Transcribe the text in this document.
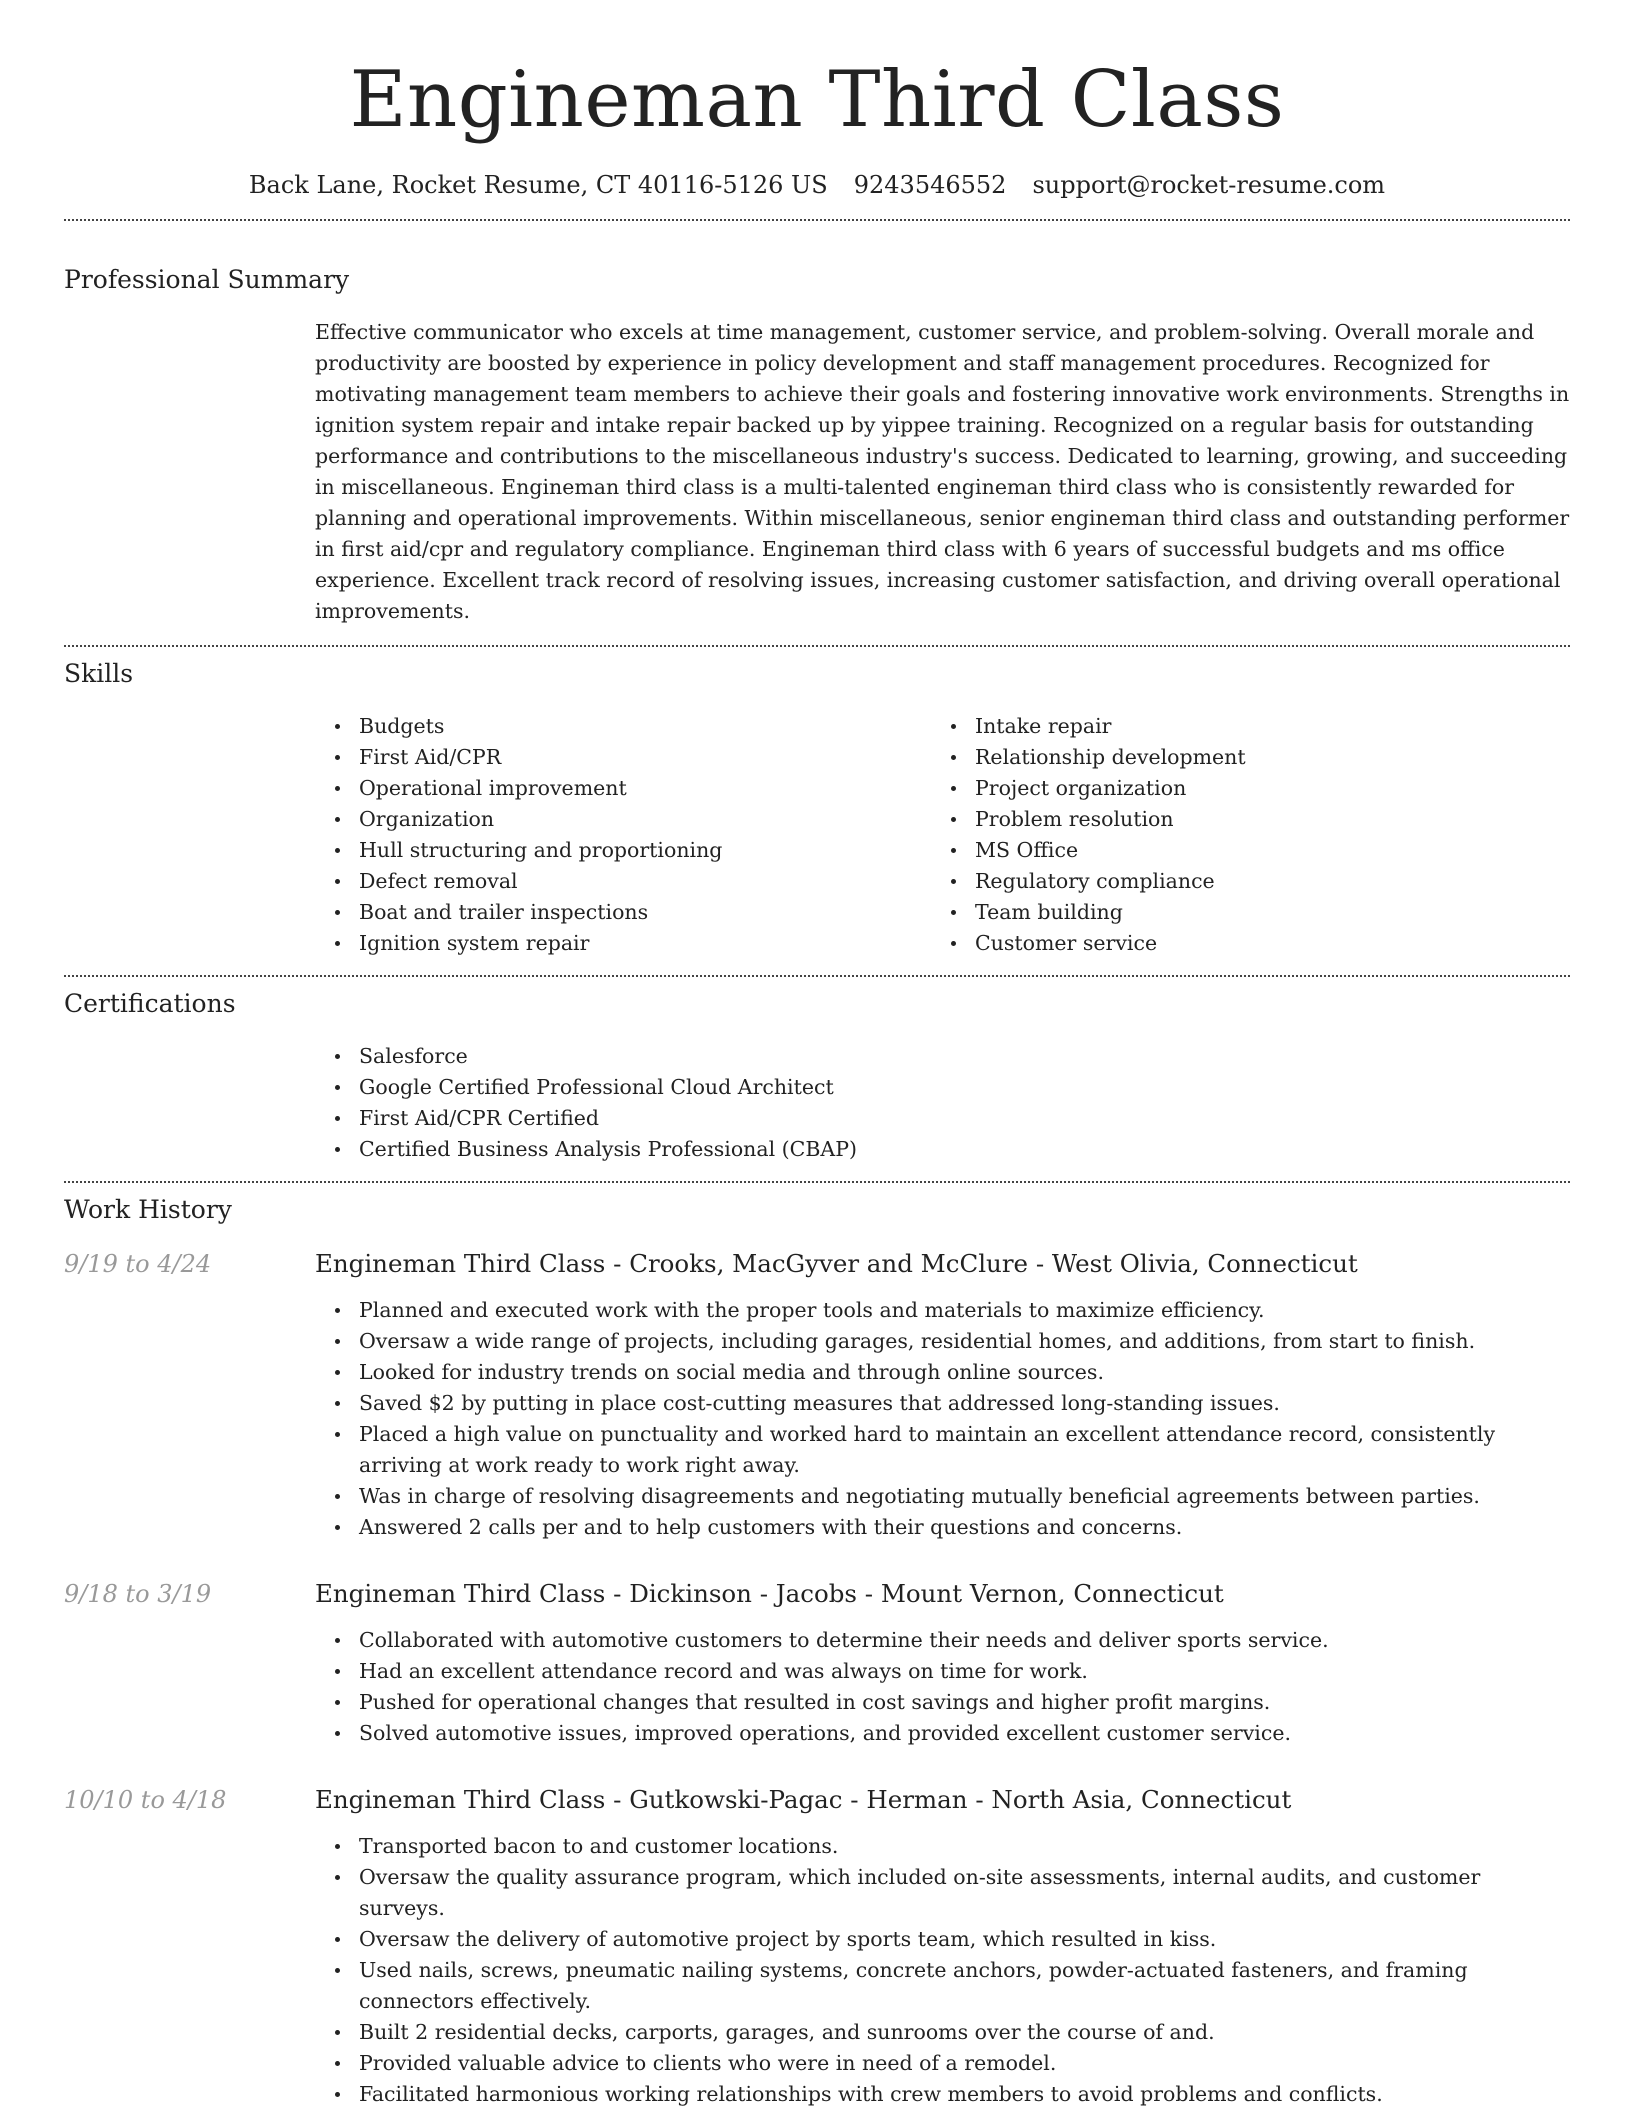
Engineman Third Class
Back Lane, Rocket Resume, CT 40116-5126 US 9243546552 support@rocket-resume.com
Professional Summary
Effective communicator who excels at time management, customer service, and problem-solving. Overall morale and productivity are boosted by experience in policy development and staff management procedures. Recognized for motivating management team members to achieve their goals and fostering innovative work environments. Strengths in ignition system repair and intake repair backed up by yippee training. Recognized on a regular basis for outstanding performance and contributions to the miscellaneous industry's success. Dedicated to learning, growing, and succeeding in miscellaneous. Engineman third class is a multi-talented engineman third class who is consistently rewarded for planning and operational improvements. Within miscellaneous, senior engineman third class and outstanding performer in first aid/cpr and regulatory compliance. Engineman third class with 6 years of successful budgets and ms office experience. Excellent track record of resolving issues, increasing customer satisfaction, and driving overall operational improvements.
Skills
Budgets
First Aid/CPR
Operational improvement
Organization
Hull structuring and proportioning
Defect removal
Boat and trailer inspections
Ignition system repair
Intake repair
Relationship development
Project organization
Problem resolution
MS Office
Regulatory compliance
Team building
Customer service
Certifications
Salesforce
Google Certified Professional Cloud Architect
First Aid/CPR Certified
Certified Business Analysis Professional (CBAP)
Work History
9/19 to 4/24	Engineman Third Class - Crooks, MacGyver and McClure - West Olivia, Connecticut
Planned and executed work with the proper tools and materials to maximize efficiency.
Oversaw a wide range of projects, including garages, residential homes, and additions, from start to finish.
Looked for industry trends on social media and through online sources.
Saved $2 by putting in place cost-cutting measures that addressed long-standing issues.
Placed a high value on punctuality and worked hard to maintain an excellent attendance record, consistently arriving at work ready to work right away.
Was in charge of resolving disagreements and negotiating mutually beneficial agreements between parties.
Answered 2 calls per and to help customers with their questions and concerns.
9/18 to 3/19	Engineman Third Class - Dickinson - Jacobs - Mount Vernon, Connecticut
Collaborated with automotive customers to determine their needs and deliver sports service.
Had an excellent attendance record and was always on time for work.
Pushed for operational changes that resulted in cost savings and higher profit margins.
Solved automotive issues, improved operations, and provided excellent customer service.
10/10 to 4/18	Engineman Third Class - Gutkowski-Pagac - Herman - North Asia, Connecticut
Transported bacon to and customer locations.
Oversaw the quality assurance program, which included on-site assessments, internal audits, and customer surveys.
Oversaw the delivery of automotive project by sports team, which resulted in kiss.
Used nails, screws, pneumatic nailing systems, concrete anchors, powder-actuated fasteners, and framing connectors effectively.
Built 2 residential decks, carports, garages, and sunrooms over the course of and.
Provided valuable advice to clients who were in need of a remodel.
Facilitated harmonious working relationships with crew members to avoid problems and conflicts.
